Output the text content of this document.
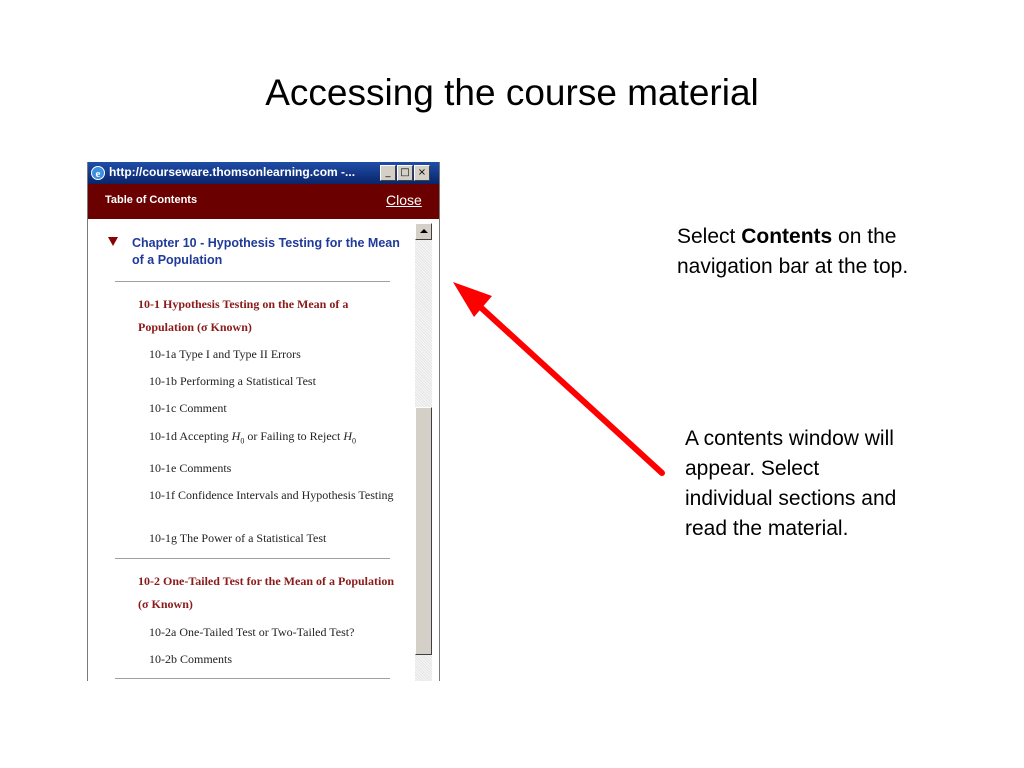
Accessing the course material
e http://courseware.thomsonlearning.com -...	_ □ ×
Table of Contents	Close
Chapter 10 - Hypothesis Testing for the Mean of a Population
10-1 Hypothesis Testing on the Mean of a Population (σ Known)
10-1a Type I and Type II Errors
10-1b Performing a Statistical Test
10-1c Comment
10-1d Accepting $H_0$ or Failing to Reject $H_0$
10-1e Comments
10-1f Confidence Intervals and Hypothesis Testing
10-1g The Power of a Statistical Test
10-2 One-Tailed Test for the Mean of a Population (σ Known)
10-2a One-Tailed Test or Two-Tailed Test?
10-2b Comments
Select Contents on the navigation bar at the top.
A contents window will appear. Select individual sections and read the material.
